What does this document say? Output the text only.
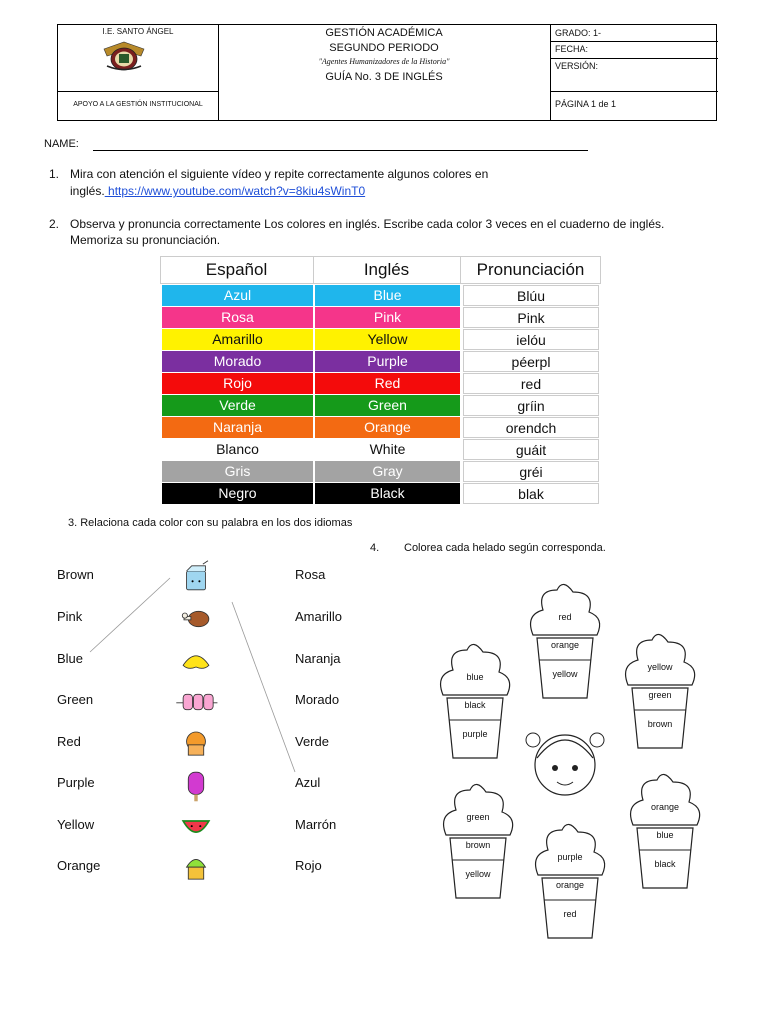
I.E. SANTO ÁNGEL
APOYO A LA GESTIÓN INSTITUCIONAL
GESTIÓN ACADÉMICA
SEGUNDO PERIODO
"Agentes Humanizadores de la Historia"
GUÍA No. 3 DE INGLÉS
GRADO: 1-
FECHA:
VERSIÓN:
PÁGINA 1 de 1
NAME:
1. Mira con atención el siguiente vídeo y repite correctamente algunos colores en
inglés. https://www.youtube.com/watch?v=8kiu4sWinT0
2. Observa y pronuncia correctamente Los colores en inglés. Escribe cada color 3 veces en el cuaderno de inglés.
Memoriza su pronunciación.
Español	Inglés	Pronunciación
Azul	Blue	Blúu
Rosa	Pink	Pink
Amarillo	Yellow	ielóu
Morado	Purple	péerpl
Rojo	Red	red
Verde	Green	gríin
Naranja	Orange	orendch
Blanco	White	guáit
Gris	Gray	gréi
Negro	Black	blak
3. Relaciona cada color con su palabra en los dos idiomas
Brown	Rosa
Pink	Amarillo
Blue	Naranja
Green	Morado
Red	Verde
Purple	Azul
Yellow	Marrón
Orange	Rojo
4. Colorea cada helado según corresponda.
red
orange
yellow
blue
black
purple
yellow
green
brown
green
brown
yellow
purple
orange
red
orange
blue
black
